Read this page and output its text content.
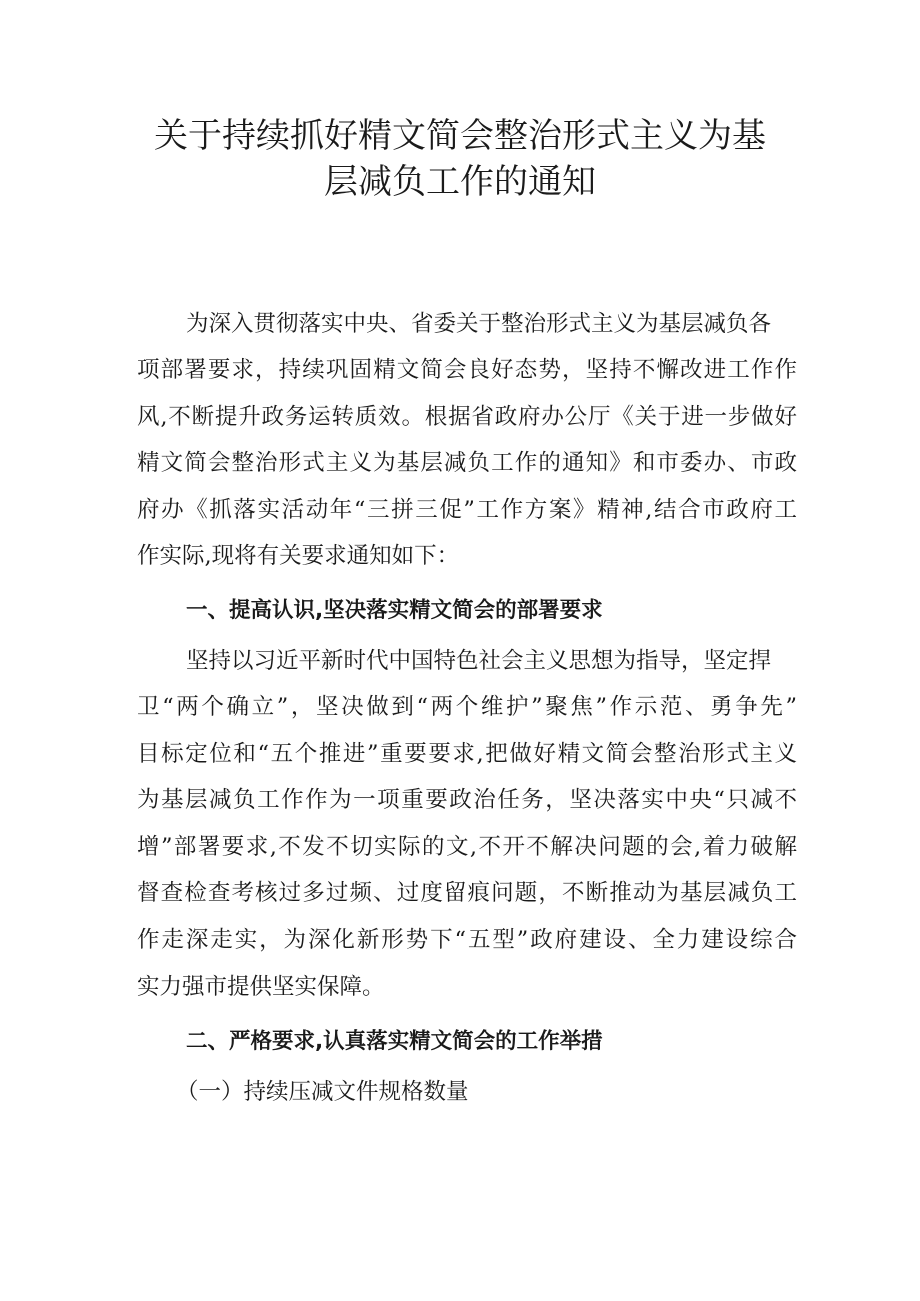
关于持续抓好精文简会整治形式主义为基
层减负工作的通知

为深入贯彻落实中央、省委关于整治形式主义为基层减负各

项部署要求，持续巩固精文简会良好态势，坚持不懈改进工作作

风,不断提升政务运转质效。根据省政府办公厅《关于进一步做好

精文简会整治形式主义为基层减负工作的通知》和市委办、市政

府办《抓落实活动年“三拼三促”工作方案》精神,结合市政府工

作实际,现将有关要求通知如下：

一、提高认识,坚决落实精文简会的部署要求

坚持以习近平新时代中国特色社会主义思想为指导，坚定捍

卫“两个确立”，坚决做到“两个维护”聚焦”作示范、勇争先”

目标定位和“五个推进”重要要求,把做好精文简会整治形式主义

为基层减负工作作为一项重要政治任务，坚决落实中央“只减不

增”部署要求,不发不切实际的文,不开不解决问题的会,着力破解

督查检查考核过多过频、过度留痕问题，不断推动为基层减负工

作走深走实，为深化新形势下“五型”政府建设、全力建设综合

实力强市提供坚实保障。

二、严格要求,认真落实精文简会的工作举措

（一）持续压减文件规格数量
